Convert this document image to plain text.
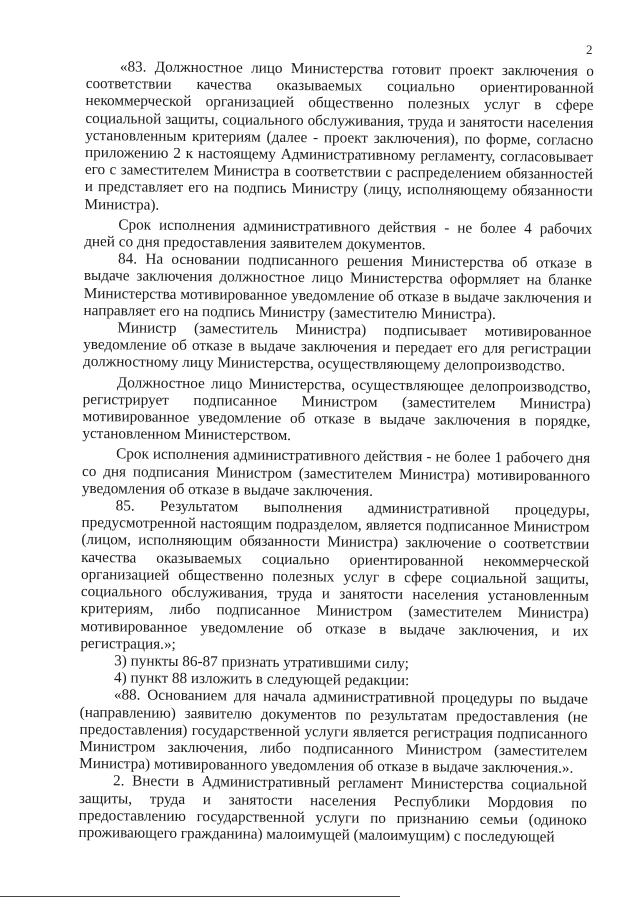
2

«83. Должностное лицо Министерства готовит проект заключения о соответствии качества оказываемых социально ориентированной некоммерческой организацией общественно полезных услуг в сфере социальной защиты, социального обслуживания, труда и занятости населения установленным критериям (далее - проект заключения), по форме, согласно приложению 2 к настоящему Административному регламенту, согласовывает его с заместителем Министра в соответствии с распределением обязанностей и представляет его на подпись Министру (лицу, исполняющему обязанности Министра).

Срок исполнения административного действия - не более 4 рабочих дней со дня предоставления заявителем документов.

84. На основании подписанного решения Министерства об отказе в выдаче заключения должностное лицо Министерства оформляет на бланке Министерства мотивированное уведомление об отказе в выдаче заключения и направляет его на подпись Министру (заместителю Министра).

Министр (заместитель Министра) подписывает мотивированное уведомление об отказе в выдаче заключения и передает его для регистрации должностному лицу Министерства, осуществляющему делопроизводство.

Должностное лицо Министерства, осуществляющее делопроизводство, регистрирует подписанное Министром (заместителем Министра) мотивированное уведомление об отказе в выдаче заключения в порядке, установленном Министерством.

Срок исполнения административного действия - не более 1 рабочего дня со дня подписания Министром (заместителем Министра) мотивированного уведомления об отказе в выдаче заключения.

85. Результатом выполнения административной процедуры, предусмотренной настоящим подразделом, является подписанное Министром (лицом, исполняющим обязанности Министра) заключение о соответствии качества оказываемых социально ориентированной некоммерческой организацией общественно полезных услуг в сфере социальной защиты, социального обслуживания, труда и занятости населения установленным критериям, либо подписанное Министром (заместителем Министра) мотивированное уведомление об отказе в выдаче заключения, и их регистрация.»;

3) пункты 86-87 признать утратившими силу;

4) пункт 88 изложить в следующей редакции:

«88. Основанием для начала административной процедуры по выдаче (направлению) заявителю документов по результатам предоставления (не предоставления) государственной услуги является регистрация подписанного Министром заключения, либо подписанного Министром (заместителем Министра) мотивированного уведомления об отказе в выдаче заключения.».

2. Внести в Административный регламент Министерства социальной защиты, труда и занятости населения Республики Мордовия по предоставлению государственной услуги по признанию семьи (одиноко проживающего гражданина) малоимущей (малоимущим) с последующей
